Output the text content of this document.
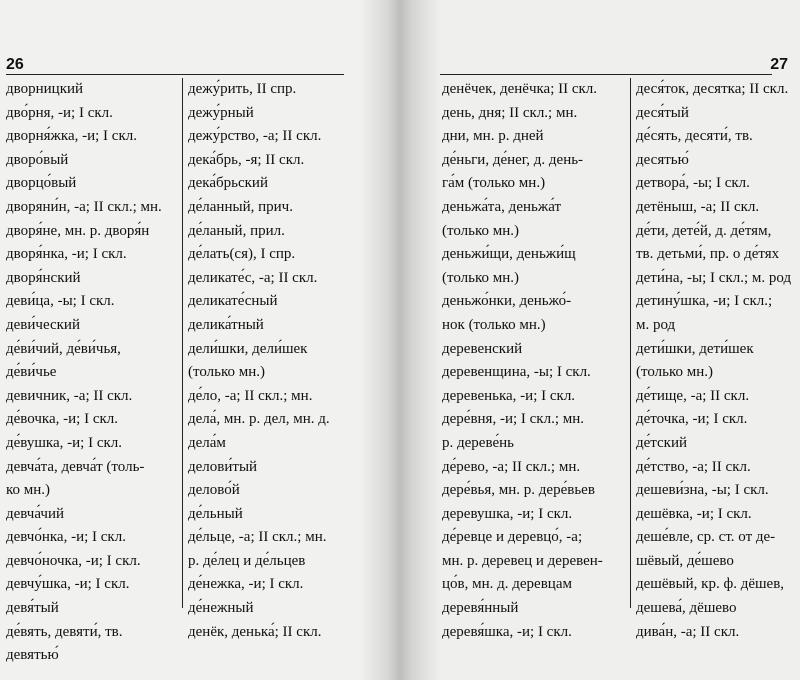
26
дворницкий
дво́рня, -и; I скл.
дворня́жка, -и; I скл.
дворо́вый
дворцо́вый
дворяни́н, -а; II скл.; мн.
дворя́не, мн. р. дворя́н
дворя́нка, -и; I скл.
дворя́нский
деви́ца, -ы; I скл.
деви́ческий
де́ви́чий, де́ви́чья,
де́ви́чье
девичник, -а; II скл.
де́вочка, -и; I скл.
де́вушка, -и; I скл.
девча́та, девча́т (толь-
ко мн.)
девча́чий
девчо́нка, -и; I скл.
девчо́ночка, -и; I скл.
девчу́шка, -и; I скл.
девя́тый
де́вять, девяти́, тв.
девятью́
дежу́рить, II спр.
дежу́рный
дежу́рство, -а; II скл.
дека́брь, -я; II скл.
дека́брьский
де́ланный, прич.
де́ланый, прил.
де́лать(ся), I спр.
деликате́с, -а; II скл.
деликате́сный
делика́тный
дели́шки, дели́шек
(только мн.)
де́ло, -а; II скл.; мн.
дела́, мн. р. дел, мн. д.
дела́м
делови́тый
делово́й
де́льный
де́льце, -а; II скл.; мн.
р. де́лец и де́льцев
де́нежка, -и; I скл.
де́нежный
денёк, денька́; II скл.
27
денёчек, денёчка; II скл.
день, дня; II скл.; мн.
дни, мн. р. дней
де́ньги, де́нег, д. день-
га́м (только мн.)
деньжа́та, деньжа́т
(только мн.)
деньжи́щи, деньжи́щ
(только мн.)
деньжо́нки, деньжо́-
нок (только мн.)
деревенский
деревенщина, -ы; I скл.
деревенька, -и; I скл.
дере́вня, -и; I скл.; мн.
р. дереве́нь
де́рево, -а; II скл.; мн.
дере́вья, мн. р. дере́вьев
деревушка, -и; I скл.
де́ревце и деревцо́, -а;
мн. р. деревец и деревен-
цо́в, мн. д. деревцам
деревя́нный
деревя́шка, -и; I скл.
деся́ток, десятка; II скл.
деся́тый
де́сять, десяти́, тв.
десятью́
детвора́, -ы; I скл.
детёныш, -а; II скл.
де́ти, дете́й, д. де́тям,
тв. детьми́, пр. о де́тях
дети́на, -ы; I скл.; м. род
детину́шка, -и; I скл.;
м. род
дети́шки, дети́шек
(только мн.)
де́тище, -а; II скл.
де́точка, -и; I скл.
де́тский
де́тство, -а; II скл.
дешеви́зна, -ы; I скл.
дешёвка, -и; I скл.
деше́вле, ср. ст. от де-
шёвый, де́шево
дешёвый, кр. ф. дёшев,
дешева́, дёшево
дива́н, -а; II скл.
